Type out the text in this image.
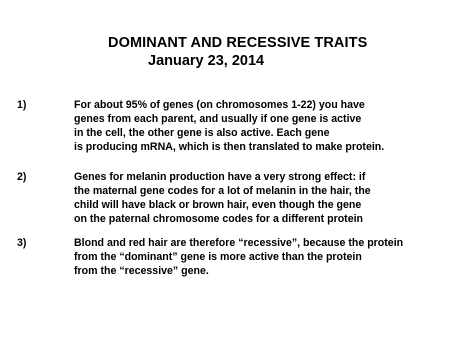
DOMINANT AND RECESSIVE TRAITS
January 23, 2014
1)	For about 95% of genes (on chromosomes 1-22) you have
genes from each parent, and usually if one gene is active
in the cell, the other gene is also active. Each gene
is producing mRNA, which is then translated to make protein.
2)	Genes for melanin production have a very strong effect: if
the maternal gene codes for a lot of melanin in the hair, the
child will have black or brown hair, even though the gene
on the paternal chromosome codes for a different protein
3)	Blond and red hair are therefore “recessive”, because the protein
from the “dominant” gene is more active than the protein
from the “recessive” gene.
